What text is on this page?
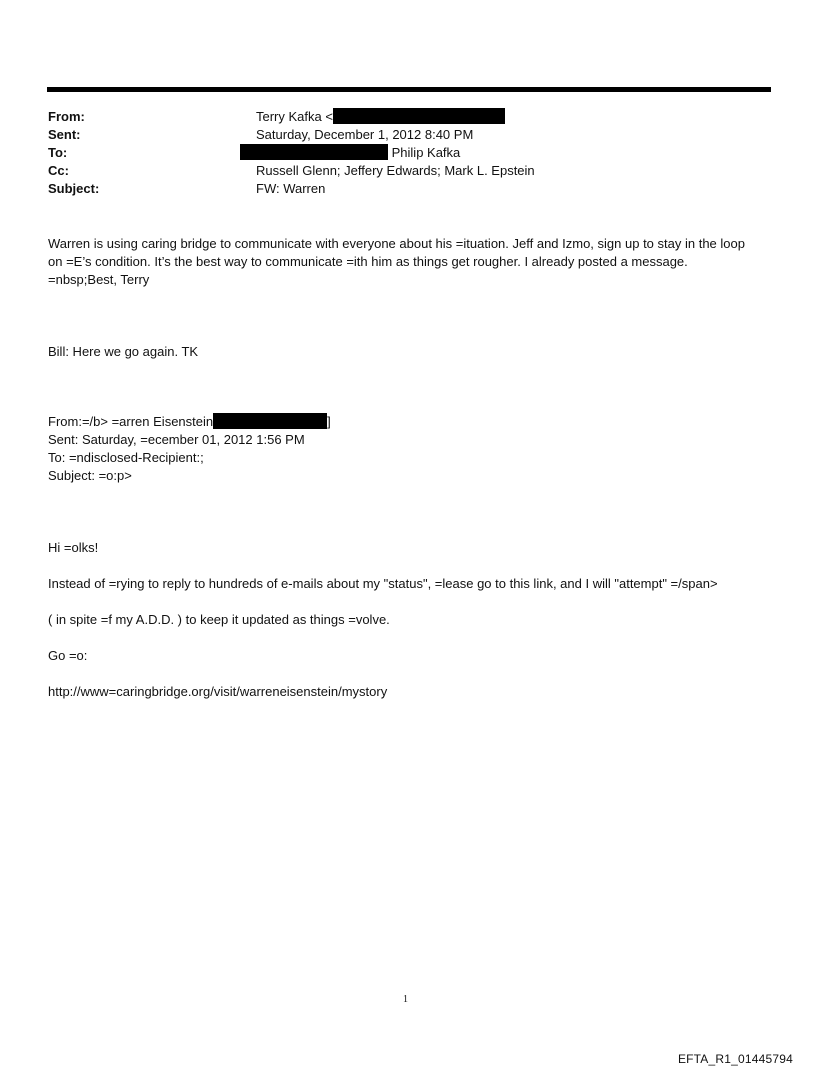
From:
Sent:
To:
Cc:
Subject:
Terry Kafka <
Saturday, December 1, 2012 8:40 PM
Philip Kafka
Russell Glenn; Jeffery Edwards; Mark L. Epstein
FW: Warren
Warren is using caring bridge to communicate with everyone about his =ituation. Jeff and Izmo, sign up to stay in the loop on =E’s condition. It’s the best way to communicate =ith him as things get rougher. I already posted a message. =nbsp;Best, Terry
Bill: Here we go again. TK
From:=/b> =arren Eisenstein	]
Sent: Saturday, =ecember 01, 2012 1:56 PM
To: =ndisclosed-Recipient:;
Subject: =o:p>
Hi =olks!
Instead of =rying to reply to hundreds of e-mails about my "status", =lease go to this link, and I will "attempt" =/span>
( in spite =f my A.D.D. ) to keep it updated as things =volve.
Go =o:
http://www=caringbridge.org/visit/warreneisenstein/mystory
1
EFTA_R1_01445794
